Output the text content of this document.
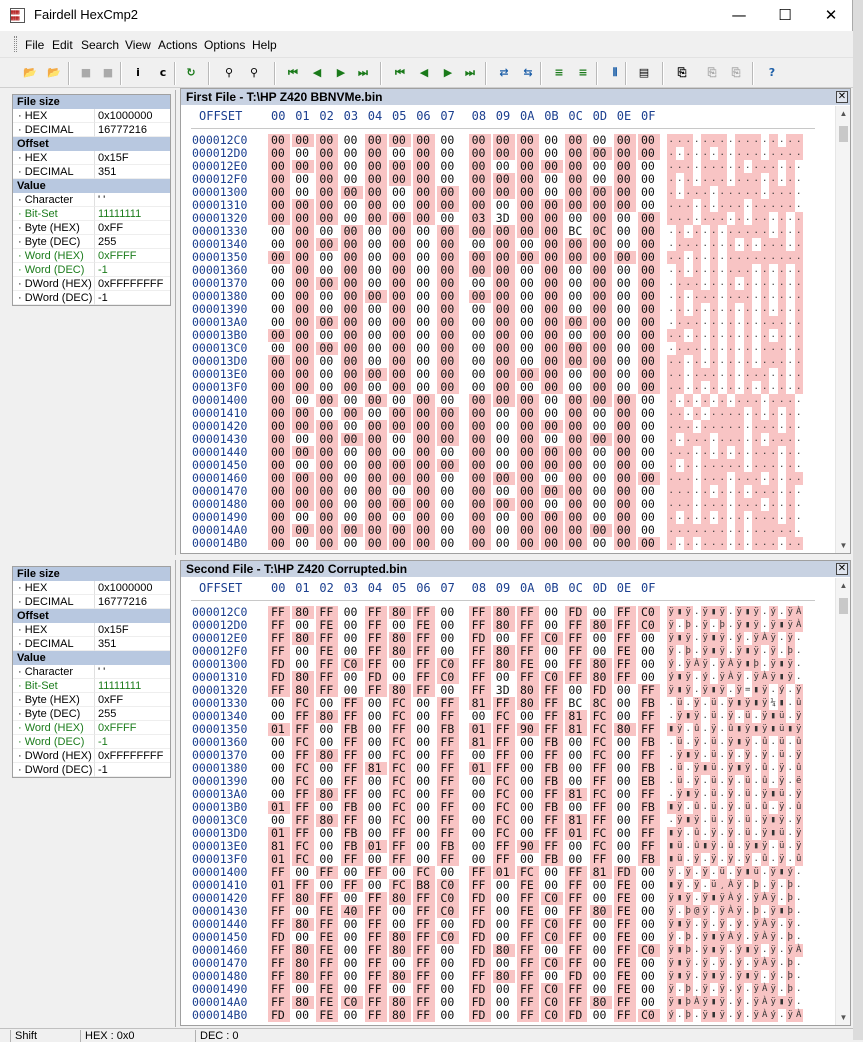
▦▦
▦▦	Fairdell HexCmp2	—	☐	✕
File Edit Search View Actions Options Help
📂 📂	■	■	i	c	↻	⚲	⚲	⏮	◀	▶	⏭	⏮	◀	▶	⏭	⇄	⇆	≡	≡	⫴	▤	⎘	⎘	⎘	?
File size
· HEX	0x1000000
· DECIMAL	16777216
Offset
· HEX	0x15F
· DECIMAL	351
Value
· Character	' '
· Bit-Set	11111111
· Byte (HEX)	0xFF
· Byte (DEC)	255
· Word (HEX)	0xFFFF
· Word (DEC)	-1
· DWord (HEX) 0xFFFFFFFF
· DWord (DEC) -1
First File - T:\HP Z420 BBNVMe.bin	✕
OFFSET 00 01 02 03 04 05 06 07 08 09 0A 0B 0C 0D 0E 0F
000012C0 00 00 00 00 00 00 00 00	00 00 00 00 00 00 00 00	. . . . . . . . . . . . . . . .
000012D0 00 00 00 00 00 00 00 00	00 00 00 00 00 00 00 00	. . . . . . . . . . . . . . . .
000012E0 00 00 00 00 00 00 00 00	00 00 00 00 00 00 00 00	. . . . . . . . . . . . . . . .
000012F0 00 00 00 00 00 00 00 00	00 00 00 00 00 00 00 00	. . . . . . . . . . . . . . . .
00001300 00 00 00 00 00 00 00 00	00 00 00 00 00 00 00 00	. . . . . . . . . . . . . . . .
00001310 00 00 00 00 00 00 00 00	00 00 00 00 00 00 00 00	. . . . . . . . . . . . . . . .
00001320 00 00 00 00 00 00 00 00	03 3D 00 00 00 00 00 00	. . . . . . . . . . . . . . . .
00001330 00 00 00 00 00 00 00 00	00 00 00 00 BC 0C 00 00	. . . . . . . . . . . . . . . .
00001340 00 00 00 00 00 00 00 00	00 00 00 00 00 00 00 00	. . . . . . . . . . . . . . . .
00001350 00 00 00 00 00 00 00 00	00 00 00 00 00 00 00 00	. . . . . . . . . . . . . . . .
00001360 00 00 00 00 00 00 00 00	00 00 00 00 00 00 00 00	. . . . . . . . . . . . . . . .
00001370 00 00 00 00 00 00 00 00	00 00 00 00 00 00 00 00	. . . . . . . . . . . . . . . .
00001380 00 00 00 00 00 00 00 00	00 00 00 00 00 00 00 00	. . . . . . . . . . . . . . . .
00001390 00 00 00 00 00 00 00 00	00 00 00 00 00 00 00 00	. . . . . . . . . . . . . . . .
000013A0 00 00 00 00 00 00 00 00	00 00 00 00 00 00 00 00	. . . . . . . . . . . . . . . .
000013B0 00 00 00 00 00 00 00 00	00 00 00 00 00 00 00 00	. . . . . . . . . . . . . . . .
000013C0 00 00 00 00 00 00 00 00	00 00 00 00 00 00 00 00	. . . . . . . . . . . . . . . .
000013D0 00 00 00 00 00 00 00 00	00 00 00 00 00 00 00 00	. . . . . . . . . . . . . . . .
000013E0 00 00 00 00 00 00 00 00	00 00 00 00 00 00 00 00	. . . . . . . . . . . . . . . .
000013F0 00 00 00 00 00 00 00 00	00 00 00 00 00 00 00 00	. . . . . . . . . . . . . . . .
00001400 00 00 00 00 00 00 00 00	00 00 00 00 00 00 00 00	. . . . . . . . . . . . . . . .
00001410 00 00 00 00 00 00 00 00	00 00 00 00 00 00 00 00	. . . . . . . . . . . . . . . .
00001420 00 00 00 00 00 00 00 00	00 00 00 00 00 00 00 00	. . . . . . . . . . . . . . . .
00001430 00 00 00 00 00 00 00 00	00 00 00 00 00 00 00 00	. . . . . . . . . . . . . . . .
00001440 00 00 00 00 00 00 00 00	00 00 00 00 00 00 00 00	. . . . . . . . . . . . . . . .
00001450 00 00 00 00 00 00 00 00	00 00 00 00 00 00 00 00	. . . . . . . . . . . . . . . .
00001460 00 00 00 00 00 00 00 00	00 00 00 00 00 00 00 00	. . . . . . . . . . . . . . . .
00001470 00 00 00 00 00 00 00 00	00 00 00 00 00 00 00 00	. . . . . . . . . . . . . . . .
00001480 00 00 00 00 00 00 00 00	00 00 00 00 00 00 00 00	. . . . . . . . . . . . . . . .
00001490 00 00 00 00 00 00 00 00	00 00 00 00 00 00 00 00	. . . . . . . . . . . . . . . .
000014A0 00 00 00 00 00 00 00 00	00 00 00 00 00 00 00 00	. . . . . . . . . . . . . . . .
000014B0 00 00 00 00 00 00 00 00	00 00 00 00 00 00 00 00	. . . . . . . . . . . . . . . .
▲
▼
File size
· HEX	0x1000000
· DECIMAL	16777216
Offset
· HEX	0x15F
· DECIMAL	351
Value
· Character	' '
· Bit-Set	11111111
· Byte (HEX)	0xFF
· Byte (DEC)	255
· Word (HEX)	0xFFFF
· Word (DEC)	-1
· DWord (HEX) 0xFFFFFFFF
· DWord (DEC) -1
Second File - T:\HP Z420 Corrupted.bin	✕
OFFSET 00 01 02 03 04 05 06 07 08 09 0A 0B 0C 0D 0E 0F
000012C0 FF 80 FF 00 FF 80 FF 00	FF 80 FF 00 FD 00 FF C0	ÿ ▮ ÿ . ÿ ▮ ÿ . ÿ ▮ ÿ . ý . ÿ À
000012D0 FF 00 FE 00 FF 00 FE 00	FF 80 FF 00 FF 80 FF C0	ÿ . þ . ÿ . þ . ÿ ▮ ÿ . ÿ ▮ ÿ À
000012E0 FF 80 FF 00 FF 80 FF 00	FD 00 FF C0 FF 00 FF 00	ÿ ▮ ÿ . ÿ ▮ ÿ . ý . ÿ À ÿ . ÿ .
000012F0 FF 00 FE 00 FF 80 FF 00	FF 80 FF 00 FF 00 FE 00	ÿ . þ . ÿ ▮ ÿ . ÿ ▮ ÿ . ÿ . þ .
00001300 FD 00 FF C0 FF 00 FF C0	FF 80 FE 00 FF 80 FF 00	ý . ÿ À ÿ . ÿ À ÿ ▮ þ . ÿ ▮ ÿ .
00001310 FD 80 FF 00 FD 00 FF C0	FF 00 FF C0 FF 80 FF 00	ý ▮ ÿ . ý . ÿ À ÿ . ÿ À ÿ ▮ ÿ .
00001320 FF 80 FF 00 FF 80 FF 00	FF 3D 80 FF 00 FD 00 FF	ÿ ▮ ÿ . ÿ ▮ ÿ . ÿ = ▮ ÿ . ý . ÿ
00001330 00 FC 00 FF 00 FC 00 FF	81 FF 80 FF BC 8C 00 FB	. ü . ÿ . ü . ÿ ▮ ÿ ▮ ÿ ¼ ▮ . û
00001340 00 FF 80 FF 00 FC 00 FF	00 FC 00 FF 81 FC 00 FF	. ÿ ▮ ÿ . ü . ÿ . ü . ÿ ▮ ü . ÿ
00001350 01 FF 00 FB 00 FF 00 FB	01 FF 90 FF 81 FC 80 FF	▮ ÿ . û . ÿ . û ▮ ÿ ▮ ÿ ▮ ü ▮ ÿ
00001360 00 FC 00 FF 00 FC 00 FF	81 FF 00 FB 00 FC 00 FB	. ü . ÿ . ü . ÿ ▮ ÿ . û . ü . û
00001370 00 FF 80 FF 00 FC 00 FF	00 FF 00 FF 00 FC 00 FF	. ÿ ▮ ÿ . ü . ÿ . ÿ . ÿ . ü . ÿ
00001380 00 FC 00 FF 81 FC 00 FF	01 FF 00 FB 00 FF 00 FB	. ü . ÿ ▮ ü . ÿ ▮ ÿ . û . ÿ . û
00001390 00 FC 00 FF 00 FC 00 FF	00 FC 00 FB 00 FF 00 EB	. ü . ÿ . ü . ÿ . ü . û . ÿ . ë
000013A0 00 FF 80 FF 00 FC 00 FF	00 FC 00 FF 81 FC 00 FF	. ÿ ▮ ÿ . ü . ÿ . ü . ÿ ▮ ü . ÿ
000013B0 01 FF 00 FB 00 FC 00 FF	00 FC 00 FB 00 FF 00 FB	▮ ÿ . û . ü . ÿ . ü . û . ÿ . û
000013C0 00 FF 80 FF 00 FC 00 FF	00 FC 00 FF 81 FF 00 FF	. ÿ ▮ ÿ . ü . ÿ . ü . ÿ ▮ ÿ . ÿ
000013D0 01 FF 00 FB 00 FF 00 FF	00 FC 00 FF 01 FC 00 FF	▮ ÿ . û . ÿ . ÿ . ü . ÿ ▮ ü . ÿ
000013E0 81 FC 00 FB 01 FF 00 FB	00 FF 90 FF 00 FC 00 FF	▮ ü . û ▮ ÿ . û . ÿ ▮ ÿ . ü . ÿ
000013F0 01 FC 00 FF 00 FF 00 FF	00 FF 00 FB 00 FF 00 FB	▮ ü . ÿ . ÿ . ÿ . ÿ . û . ÿ . û
00001400 FF 00 FF 00 FF 00 FC 00	FF 01 FC 00 FF 81 FD 00	ÿ . ÿ . ÿ . ü . ÿ ▮ ü . ÿ ▮ ý .
00001410 01 FF 00 FF 00 FC B8 C0	FF 00 FE 00 FF 00 FE 00	▮ ÿ . ÿ . ü ¸ À ÿ . þ . ÿ . þ .
00001420 FF 80 FF 00 FF 80 FF C0	FD 00 FF C0 FF 00 FE 00	ÿ ▮ ÿ . ÿ ▮ ÿ À ý . ÿ À ÿ . þ .
00001430 FF 00 FE 40 FF 00 FF C0	FF 00 FE 00 FF 80 FE 00	ÿ . þ @ ÿ . ÿ À ÿ . þ . ÿ ▮ þ .
00001440 FF 80 FF 00 FF 00 FF 00	FD 00 FF C0 FF 00 FF 00	ÿ ▮ ÿ . ÿ . ÿ . ý . ÿ À ÿ . ÿ .
00001450 FD 00 FE 00 FF 80 FF C0	FD 00 FF C0 FF 00 FE 00	ý . þ . ÿ ▮ ÿ À ý . ÿ À ÿ . þ .
00001460 FF 80 FE 00 FF 80 FF 00	FD 80 FF 00 FF 00 FF C0	ÿ ▮ þ . ÿ ▮ ÿ . ý ▮ ÿ . ÿ . ÿ À
00001470 FF 80 FF 00 FF 00 FF 00	FD 00 FF C0 FF 00 FE 00	ÿ ▮ ÿ . ÿ . ÿ . ý . ÿ À ÿ . þ .
00001480 FF 80 FF 00 FF 80 FF 00	FF 80 FF 00 FD 00 FE 00	ÿ ▮ ÿ . ÿ ▮ ÿ . ÿ ▮ ÿ . ý . þ .
00001490 FF 00 FE 00 FF 00 FF 00	FD 00 FF C0 FF 00 FE 00	ÿ . þ . ÿ . ÿ . ý . ÿ À ÿ . þ .
000014A0 FF 80 FE C0 FF 80 FF 00	FD 00 FF C0 FF 80 FF 00	ÿ ▮ þ À ÿ ▮ ÿ . ý . ÿ À ÿ ▮ ÿ .
000014B0 FD 00 FE 00 FF 80 FF 00	FD 00 FF C0 FD 00 FF C0	ý . þ . ÿ ▮ ÿ . ý . ÿ À ý . ÿ À
▲
▼
Shift	HEX : 0x0	DEC : 0
